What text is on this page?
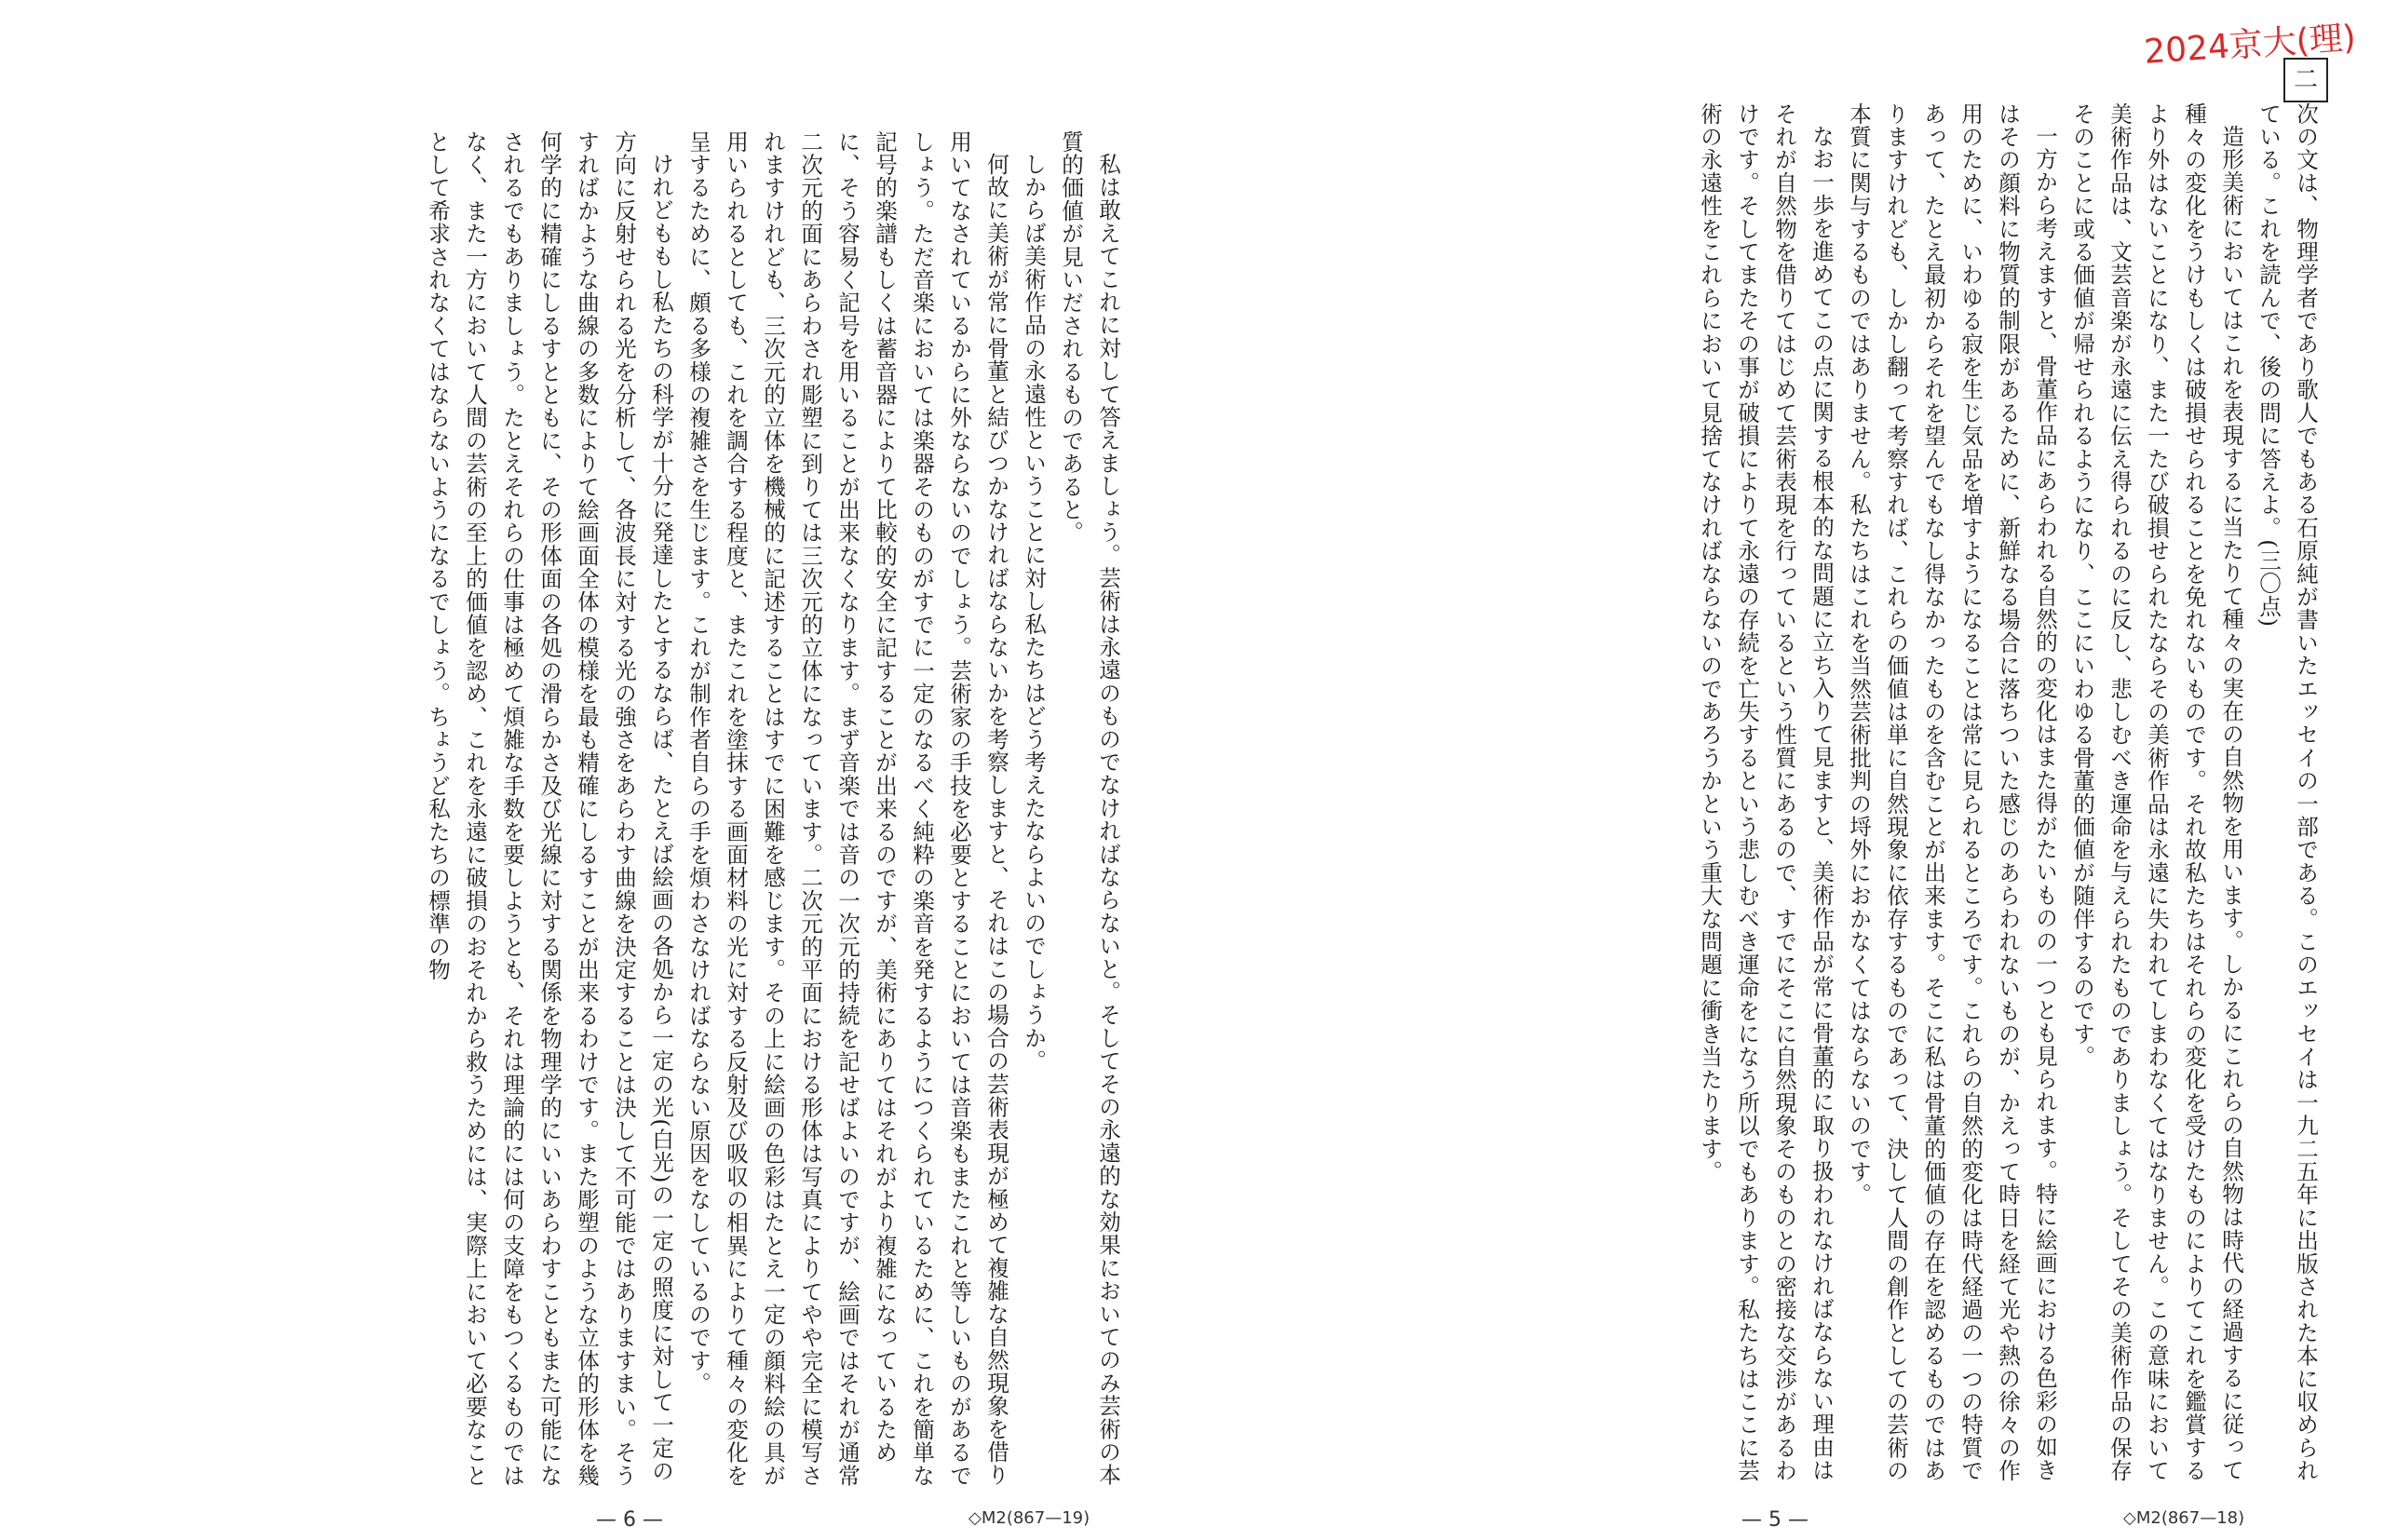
2024京大(理)
二

次の文は、物理学者であり歌人でもある石原純が書いたエッセイの一部である。このエッセイは一九二五年に出版された本に収められている。これを読んで、後の問に答えよ。(三〇点)

造形美術においてはこれを表現するに当たりて種々の実在の自然物を用います。しかるにこれらの自然物は時代の経過するに従って種々の変化をうけもしくは破損せられることを免れないものです。それ故私たちはそれらの変化を受けたものによりてこれを鑑賞するより外はないことになり、また一たび破損せられたならその美術作品は永遠に失われてしまわなくてはなりません。この意味において美術作品は、文芸音楽が永遠に伝え得られるのに反し、悲しむべき運命を与えられたものでありましょう。そしてその美術作品の保存そのことに或る価値が帰せられるようになり、ここにいわゆる骨董的価値が随伴するのです。

一方から考えますと、骨董作品にあらわれる自然的の変化はまた得がたいものの一つとも見られます。特に絵画における色彩の如きはその顔料に物質的制限があるために、新鮮なる場合に落ちついた感じのあらわれないものが、かえって時日を経て光や熱の徐々の作用のために、いわゆる寂を生じ気品を増すようになることは常に見られるところです。これらの自然的変化は時代経過の一つの特質であって、たとえ最初からそれを望んでもなし得なかったものを含むことが出来ます。そこに私は骨董的価値の存在を認めるものではありますけれども、しかし翻って考察すれば、これらの価値は単に自然現象に依存するものであって、決して人間の創作としての芸術の本質に関与するものではありません。私たちはこれを当然芸術批判の埒外におかなくてはならないのです。

なお一歩を進めてこの点に関する根本的な問題に立ち入りて見ますと、美術作品が常に骨董的に取り扱われなければならない理由はそれが自然物を借りてはじめて芸術表現を行っているという性質にあるので、すでにそこに自然現象そのものとの密接な交渉があるわけです。そしてまたその事が破損によりて永遠の存続を亡失するという悲しむべき運命をになう所以でもあります。私たちはここに芸術の永遠性をこれらにおいて見捨てなければならないのであろうかという重大な問題に衝き当たります。

— 5 —	◇M2(867—18)

私は敢えてこれに対して答えましょう。芸術は永遠のものでなければならないと。そしてその永遠的な効果においてのみ芸術の本質的価値が見いだされるものであると。

しからば美術作品の永遠性ということに対し私たちはどう考えたならよいのでしょうか。

何故に美術が常に骨董と結びつかなければならないかを考察しますと、それはこの場合の芸術表現が極めて複雑な自然現象を借り用いてなされているからに外ならないのでしょう。芸術家の手技を必要とすることにおいては音楽もまたこれと等しいものがあるでしょう。ただ音楽においては楽器そのものがすでに一定のなるべく純粋の楽音を発するようにつくられているために、これを簡単な記号的楽譜もしくは蓄音器によりて比較的安全に記することが出来るのですが、美術にありてはそれがより複雑になっているために、そう容易く記号を用いることが出来なくなります。まず音楽では音の一次元的持続を記せばよいのですが、絵画ではそれが通常二次元的面にあらわされ彫塑に到りては三次元的立体になっています。二次元的平面における形体は写真によりてやや完全に模写されますけれども、三次元的立体を機械的に記述することはすでに困難を感じます。その上に絵画の色彩はたとえ一定の顔料絵の具が用いられるとしても、これを調合する程度と、またこれを塗抹する画面材料の光に対する反射及び吸収の相異によりて種々の変化を呈するために、頗る多様の複雑さを生じます。これが制作者自らの手を煩わさなければならない原因をなしているのです。

けれどももし私たちの科学が十分に発達したとするならば、たとえば絵画の各処から一定の光(白光)の一定の照度に対して一定の方向に反射せられる光を分析して、各波長に対する光の強さをあらわす曲線を決定することは決して不可能ではありますまい。そうすればかような曲線の多数によりて絵画面全体の模様を最も精確にしるすことが出来るわけです。また彫塑のような立体的形体を幾何学的に精確にしるすとともに、その形体面の各処の滑らかさ及び光線に対する関係を物理学的にいいあらわすこともまた可能になされるでもありましょう。たとえそれらの仕事は極めて煩雑な手数を要しようとも、それは理論的には何の支障をもつくるものではなく、また一方において人間の芸術の至上的価値を認め、これを永遠に破損のおそれから救うためには、実際上において必要なこととして希求されなくてはならないようになるでしょう。ちょうど私たちの標準の物

— 6 —	◇M2(867—19)
